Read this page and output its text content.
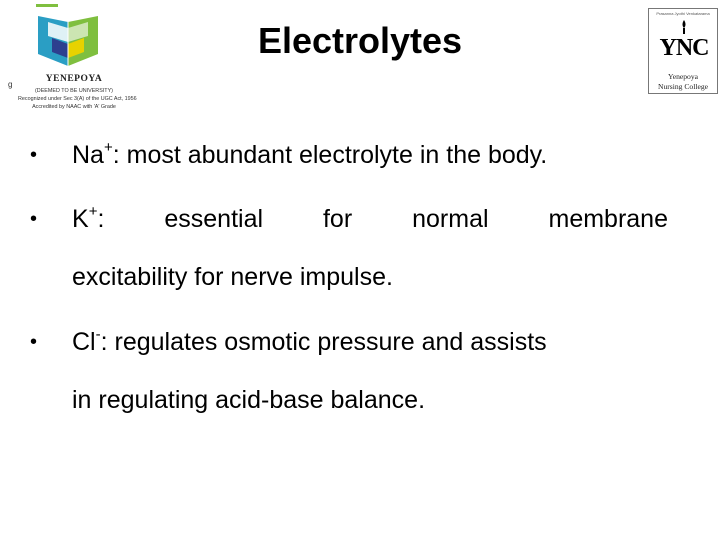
g
YENEPOYA
(DEEMED TO BE UNIVERSITY)
Recognized under Sec 3(A) of the UGC Act, 1956
Accredited by NAAC with 'A' Grade
Electrolytes
Prasanna Jyothi Venkatarama
YNC
Yenepoya
Nursing College
• Na+: most abundant electrolyte in the body.
• K+: essential for normal membrane
excitability for nerve impulse.
• Cl-: regulates osmotic pressure and assists
in regulating acid-base balance.
